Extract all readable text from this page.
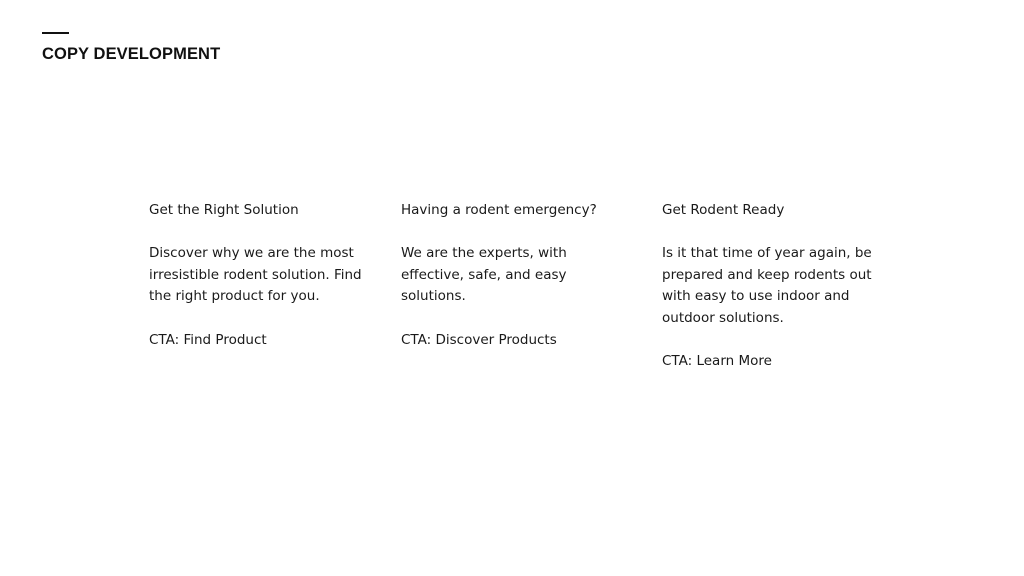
COPY DEVELOPMENT

Get the Right Solution

Discover why we are the most irresistible rodent solution. Find the right product for you.

CTA: Find Product

Having a rodent emergency?

We are the experts, with effective, safe, and easy solutions.

CTA: Discover Products

Get Rodent Ready

Is it that time of year again, be prepared and keep rodents out with easy to use indoor and outdoor solutions.

CTA: Learn More
